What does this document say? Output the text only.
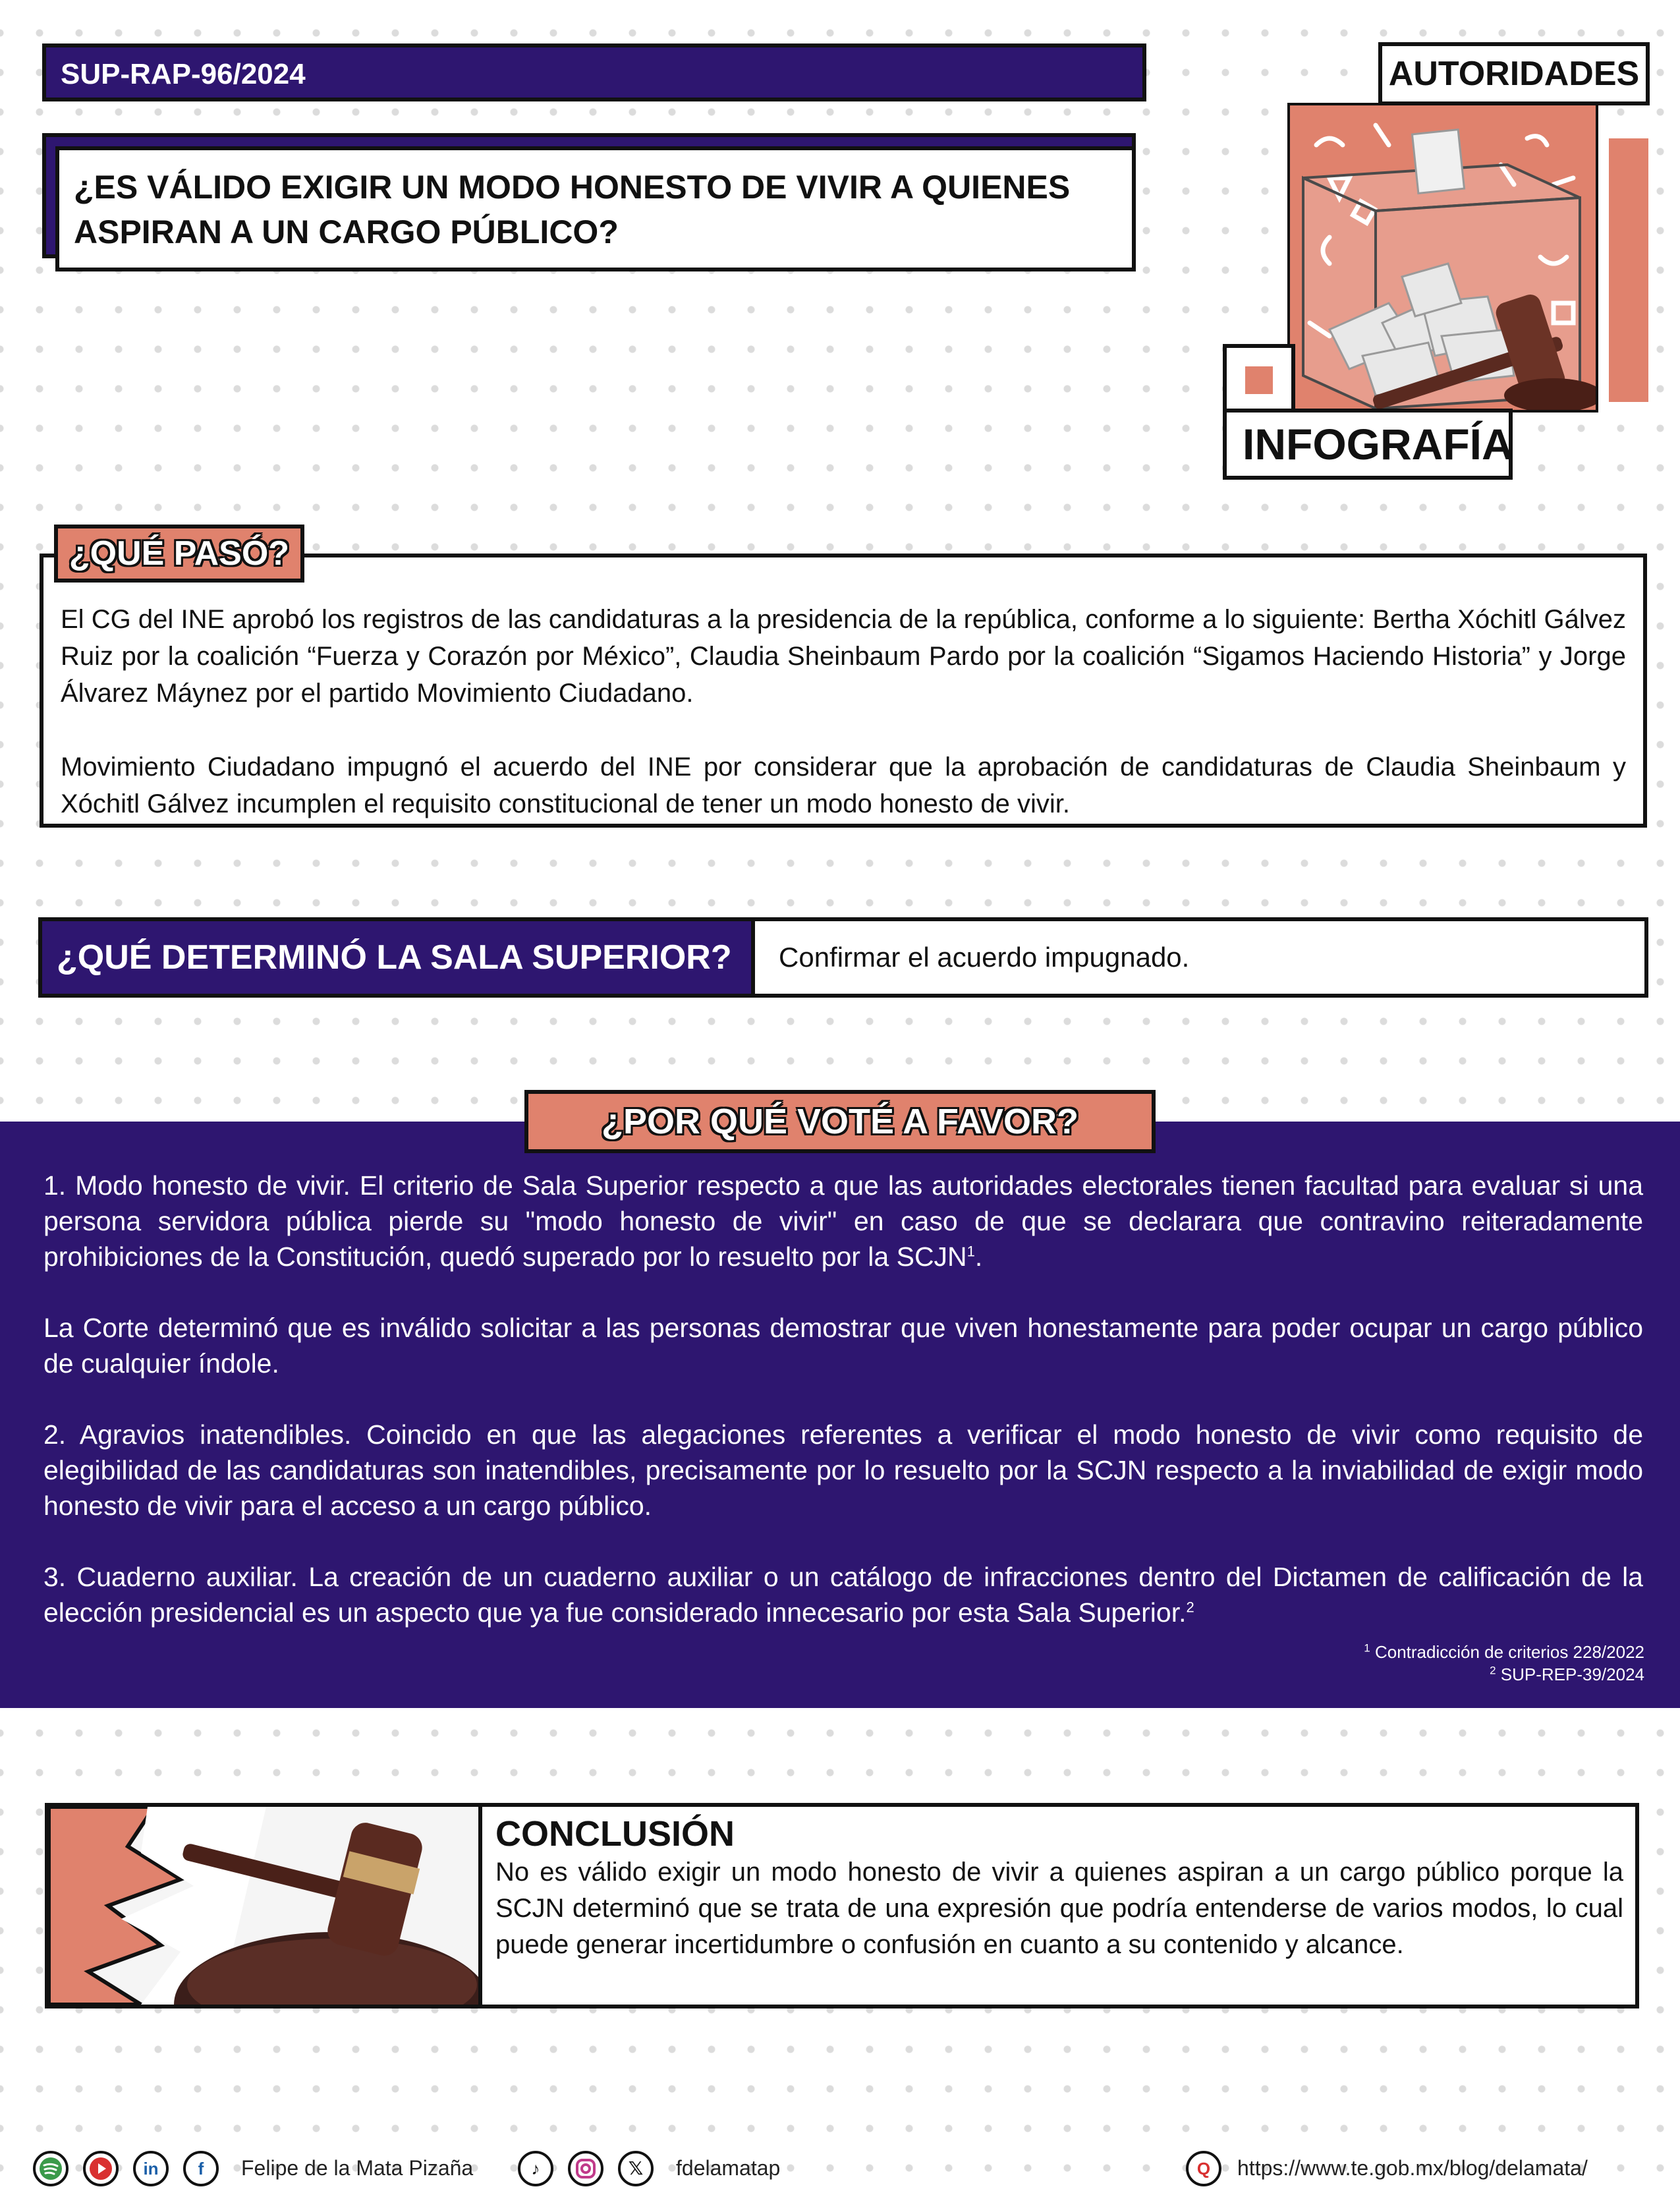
SUP-RAP-96/2024
¿ES VÁLIDO EXIGIR UN MODO HONESTO DE VIVIR A QUIENES
ASPIRAN A UN CARGO PÚBLICO?
AUTORIDADES
INFOGRAFÍA

El CG del INE aprobó los registros de las candidaturas a la presidencia de la república, conforme a lo siguiente: Bertha Xóchitl Gálvez Ruiz por la coalición “Fuerza y Corazón por México”, Claudia Sheinbaum Pardo por la coalición “Sigamos Haciendo Historia” y Jorge Álvarez Máynez por el partido Movimiento Ciudadano.

Movimiento Ciudadano impugnó el acuerdo del INE por considerar que la aprobación de candidaturas de Claudia Sheinbaum y Xóchitl Gálvez incumplen el requisito constitucional de tener un modo honesto de vivir.

¿QUÉ PASÓ?
¿QUÉ DETERMINÓ LA SALA SUPERIOR?	Confirmar el acuerdo impugnado.
¿POR QUÉ VOTÉ A FAVOR?

1. Modo honesto de vivir. El criterio de Sala Superior respecto a que las autoridades electorales tienen facultad para evaluar si una persona servidora pública pierde su "modo honesto de vivir" en caso de que se declarara que contravino reiteradamente prohibiciones de la Constitución, quedó superado por lo resuelto por la SCJN$^1$.

La Corte determinó que es inválido solicitar a las personas demostrar que viven honestamente para poder ocupar un cargo público de cualquier índole.

2. Agravios inatendibles. Coincido en que las alegaciones referentes a verificar el modo honesto de vivir como requisito de elegibilidad de las candidaturas son inatendibles, precisamente por lo resuelto por la SCJN respecto a la inviabilidad de exigir modo honesto de vivir para el acceso a un cargo público.

3. Cuaderno auxiliar. La creación de un cuaderno auxiliar o un catálogo de infracciones dentro del Dictamen de calificación de la elección presidencial es un aspecto que ya fue considerado innecesario por esta Sala Superior.$^2$

$^1$ Contradicción de criterios 228/2022
$^2$ SUP-REP-39/2024
CONCLUSIÓN
No es válido exigir un modo honesto de vivir a quienes aspiran a un cargo público porque la SCJN determinó que se trata de una expresión que podría entenderse de varios modos, lo cual puede generar incertidumbre o confusión en cuanto a su contenido y alcance.
in	f	Felipe de la Mata Pizaña	♪	𝕏	fdelamatap	Q	https://www.te.gob.mx/blog/delamata/
